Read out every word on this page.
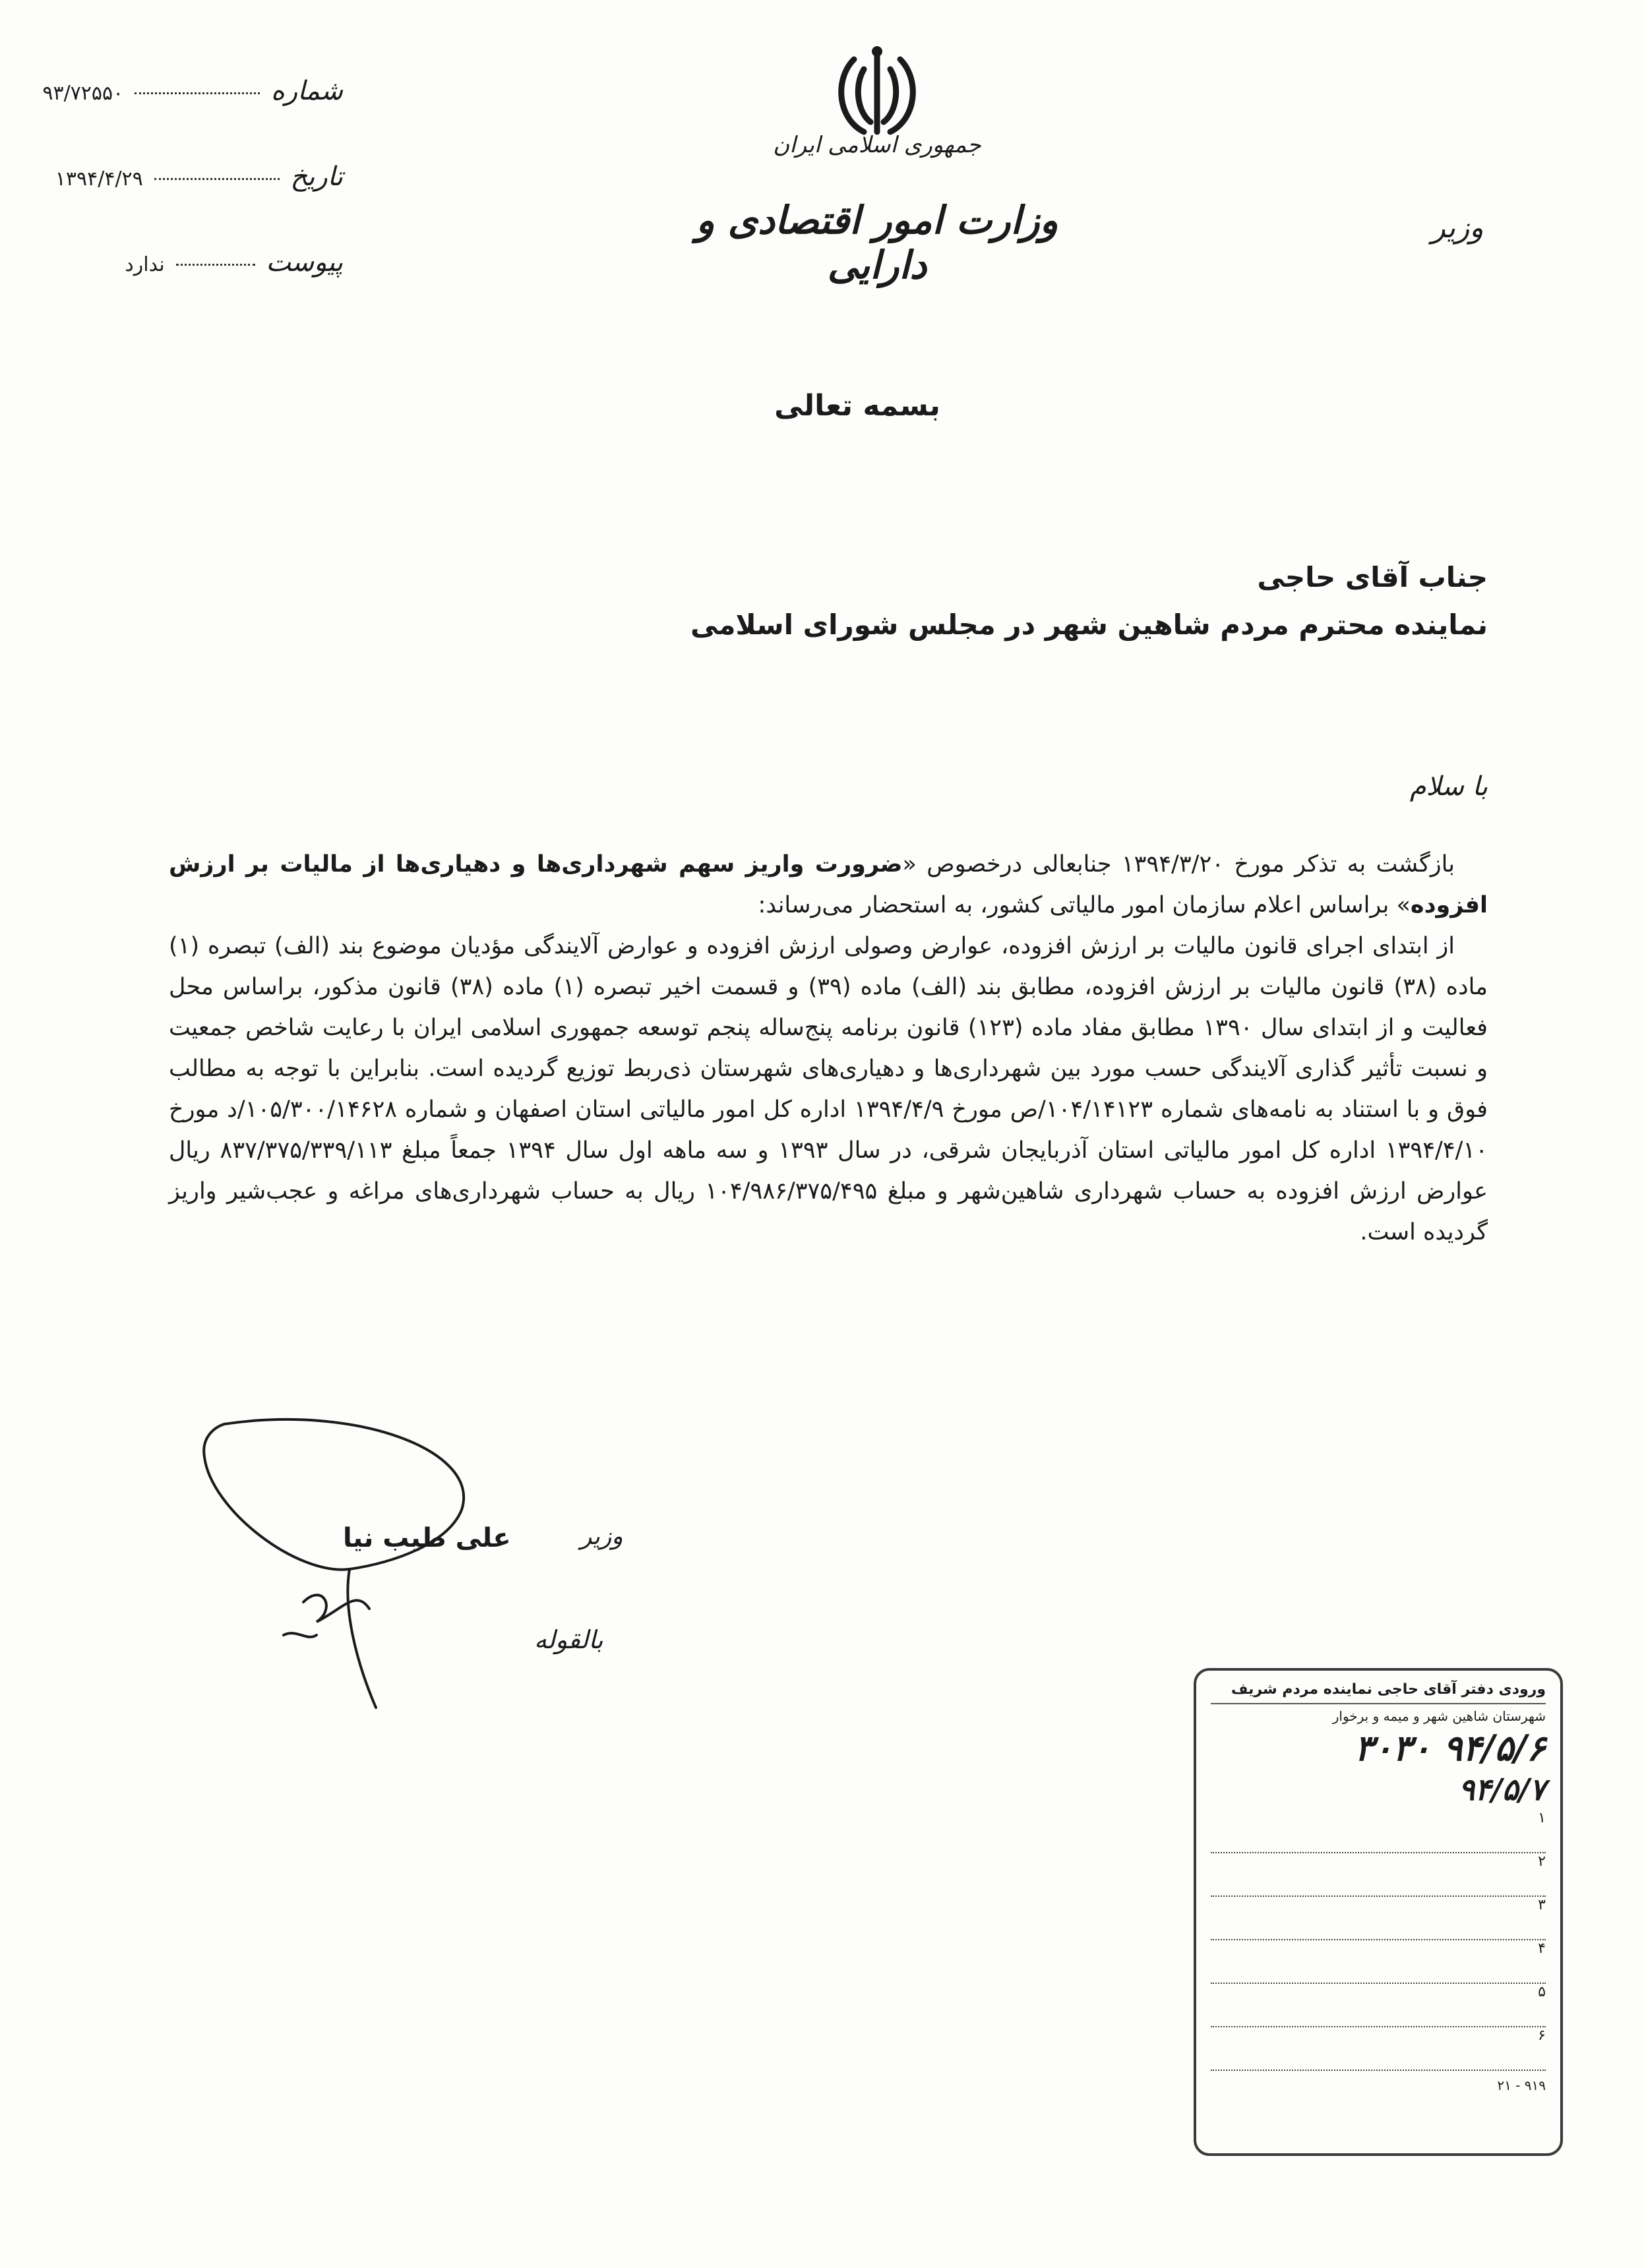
شماره  ۹۳/۷۲۵۵۰
تاریخ  ۱۳۹۴/۴/۲۹
پیوست  ندارد
جمهوری اسلامی ایران
وزارت امور اقتصادی و دارایی
وزیر
بسمه تعالی
جناب آقای حاجی
نماینده محترم مردم شاهین شهر در مجلس شورای اسلامی
با سلام

بازگشت به تذکر مورخ ۱۳۹۴/۳/۲۰ جنابعالی درخصوص «ضرورت واریز سهم شهرداری‌ها و دهیاری‌ها از مالیات بر ارزش افزوده» براساس اعلام سازمان امور مالیاتی کشور، به استحضار می‌رساند:

از ابتدای اجرای قانون مالیات بر ارزش افزوده، عوارض وصولی ارزش افزوده و عوارض آلایندگی مؤدیان موضوع بند (الف) تبصره (۱) ماده (۳۸) قانون مالیات بر ارزش افزوده، مطابق بند (الف) ماده (۳۹) و قسمت اخیر تبصره (۱) ماده (۳۸) قانون مذکور، براساس محل فعالیت و از ابتدای سال ۱۳۹۰ مطابق مفاد ماده (۱۲۳) قانون برنامه پنج‌ساله پنجم توسعه جمهوری اسلامی ایران با رعایت شاخص جمعیت و نسبت تأثیر گذاری آلایندگی حسب مورد بین شهرداری‌ها و دهیاری‌های شهرستان ذی‌ربط توزیع گردیده است. بنابراین با توجه به مطالب فوق و با استناد به نامه‌های شماره ۱۰۴/۱۴۱۲۳/ص مورخ ۱۳۹۴/۴/۹ اداره کل امور مالیاتی استان اصفهان و شماره ۱۰۵/۳۰۰/۱۴۶۲۸/د مورخ ۱۳۹۴/۴/۱۰ اداره کل امور مالیاتی استان آذربایجان شرقی، در سال ۱۳۹۳ و سه ماهه اول سال ۱۳۹۴ جمعاً مبلغ ۸۳۷/۳۷۵/۳۳۹/۱۱۳ ریال عوارض ارزش افزوده به حساب شهرداری شاهین‌شهر و مبلغ ۱۰۴/۹۸۶/۳۷۵/۴۹۵ ریال به حساب شهرداری‌های مراغه و عجب‌شیر واریز گردیده است.

علی طیب نیا	وزیر
بالقوله
ورودی دفتر آقای حاجی نماینده مردم شریف
شهرستان شاهین شهر و میمه و برخوار
۹۴/۵/۶ ۳۰۳۰
۹۴/۵/۷
۱
۲
۳
۴
۵
۶
۹۱۹ - ۲۱
